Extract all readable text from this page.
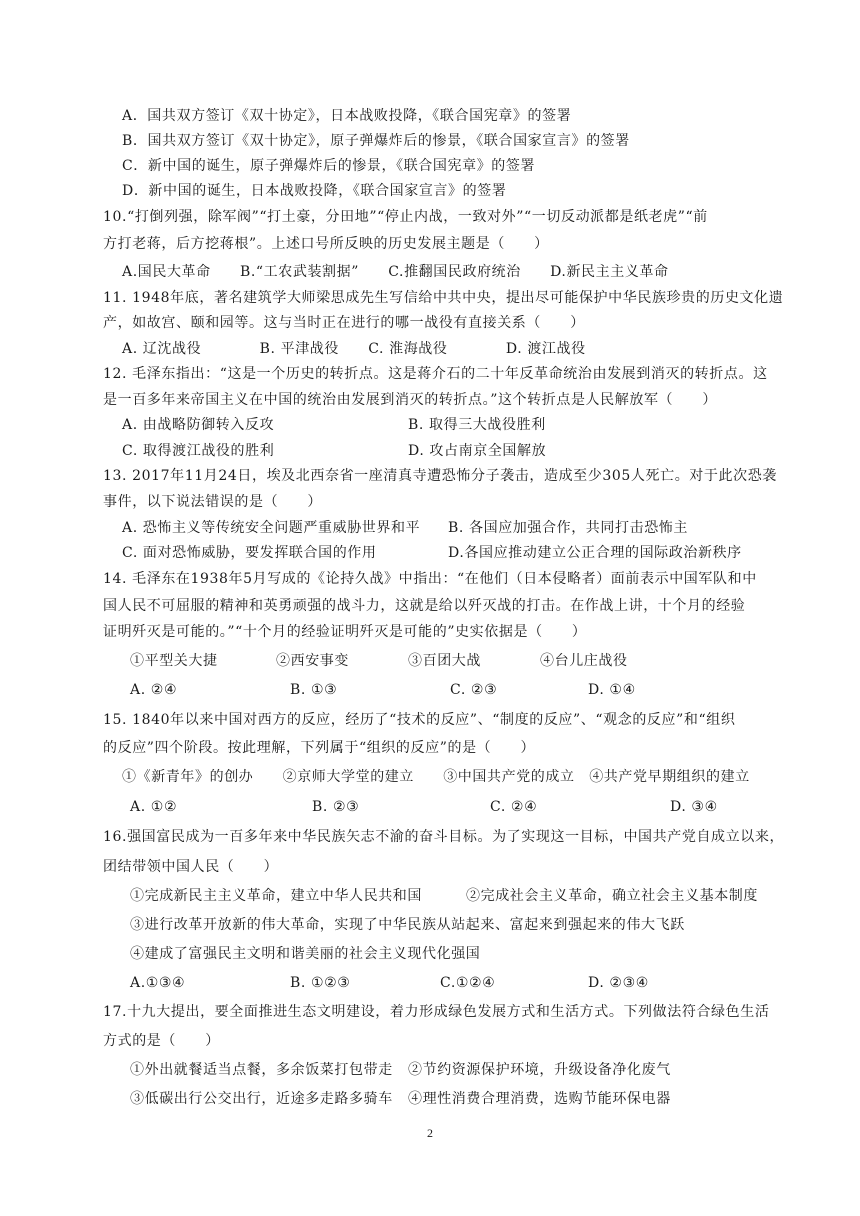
A．国共双方签订《双十协定》，日本战败投降，《联合国宪章》的签署
B．国共双方签订《双十协定》，原子弹爆炸后的惨景，《联合国家宣言》的签署
C．新中国的诞生，原子弹爆炸后的惨景，《联合国宪章》的签署
D．新中国的诞生，日本战败投降，《联合国家宣言》的签署
10.“打倒列强，除军阀”“打土豪，分田地”“停止内战，一致对外”“一切反动派都是纸老虎”“前
方打老蒋，后方挖蒋根”。上述口号所反映的历史发展主题是（　　）
A.国民大革命　　B.“工农武装割据”　　C.推翻国民政府统治　　D.新民主主义革命
11. 1948年底，著名建筑学大师梁思成先生写信给中共中央，提出尽可能保护中华民族珍贵的历史文化遗
产，如故宫、颐和园等。这与当时正在进行的哪一战役有直接关系（　　）
A. 辽沈战役　　　　B. 平津战役　　C. 淮海战役　　　　D. 渡江战役
12. 毛泽东指出：“这是一个历史的转折点。这是蒋介石的二十年反革命统治由发展到消灭的转折点。这
是一百多年来帝国主义在中国的统治由发展到消灭的转折点。”这个转折点是人民解放军（　　）
A. 由战略防御转入反攻	B. 取得三大战役胜利
C. 取得渡江战役的胜利	D. 攻占南京全国解放
13. 2017年11月24日，埃及北西奈省一座清真寺遭恐怖分子袭击，造成至少305人死亡。对于此次恐袭
事件，以下说法错误的是（　　）
A. 恐怖主义等传统安全问题严重威胁世界和平 B. 各国应加强合作，共同打击恐怖主
C. 面对恐怖威胁，要发挥联合国的作用	D.各国应推动建立公正合理的国际政治新秩序
14. 毛泽东在1938年5月写成的《论持久战》中指出：“在他们（日本侵略者）面前表示中国军队和中
国人民不可屈服的精神和英勇顽强的战斗力，这就是给以歼灭战的打击。在作战上讲，十个月的经验
证明歼灭是可能的。”“十个月的经验证明歼灭是可能的”史实依据是（　　）
①平型关大捷	②西安事变	③百团大战	④台儿庄战役
A. ②④	B. ①③	C. ②③	D. ①④
15. 1840年以来中国对西方的反应，经历了“技术的反应”、“制度的反应”、“观念的反应”和“组织
的反应”四个阶段。按此理解，下列属于“组织的反应”的是（　　）
①《新青年》的创办　　②京师大学堂的建立　　③中国共产党的成立　④共产党早期组织的建立
A. ①②	B. ②③	C. ②④	D. ③④
16.强国富民成为一百多年来中华民族矢志不渝的奋斗目标。为了实现这一目标，中国共产党自成立以来，
团结带领中国人民（　　）
①完成新民主主义革命，建立中华人民共和国	②完成社会主义革命，确立社会主义基本制度
③进行改革开放新的伟大革命，实现了中华民族从站起来、富起来到强起来的伟大飞跃
④建成了富强民主文明和谐美丽的社会主义现代化强国
A.①③④	B. ①②③	C.①②④	D. ②③④
17.十九大提出，要全面推进生态文明建设，着力形成绿色发展方式和生活方式。下列做法符合绿色生活
方式的是（　　）
①外出就餐适当点餐，多余饭菜打包带走 ②节约资源保护环境，升级设备净化废气
③低碳出行公交出行，近途多走路多骑车 ④理性消费合理消费，选购节能环保电器
2
